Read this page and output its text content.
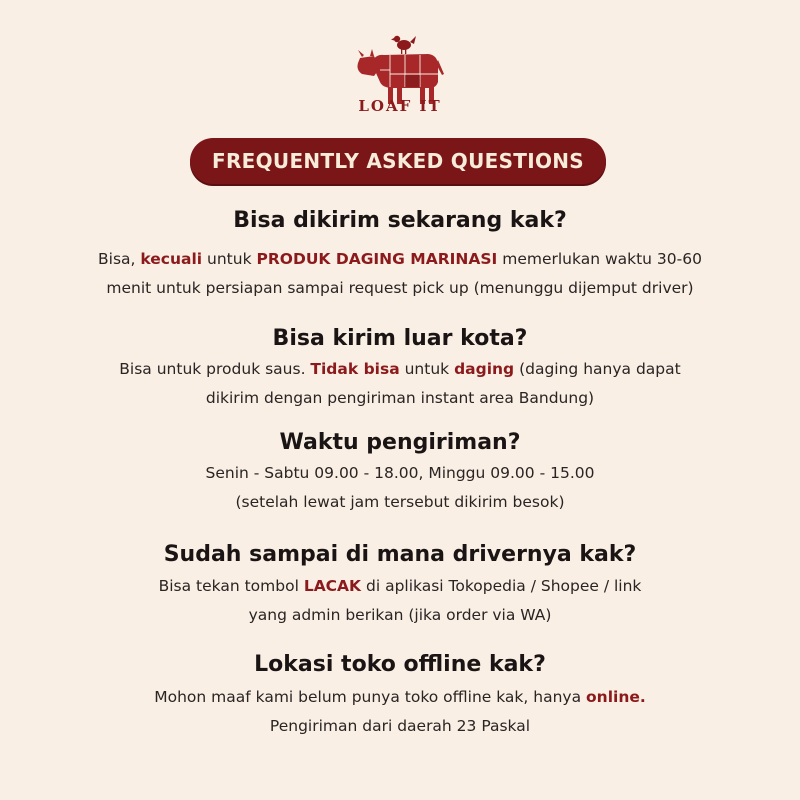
LOAF IT
FREQUENTLY ASKED QUESTIONS
Bisa dikirim sekarang kak?
Bisa, kecuali untuk PRODUK DAGING MARINASI memerlukan waktu 30-60
menit untuk persiapan sampai request pick up (menunggu dijemput driver)
Bisa kirim luar kota?
Bisa untuk produk saus. Tidak bisa untuk daging (daging hanya dapat
dikirim dengan pengiriman instant area Bandung)
Waktu pengiriman?
Senin - Sabtu 09.00 - 18.00, Minggu 09.00 - 15.00
(setelah lewat jam tersebut dikirim besok)
Sudah sampai di mana drivernya kak?
Bisa tekan tombol LACAK di aplikasi Tokopedia / Shopee / link
yang admin berikan (jika order via WA)
Lokasi toko offline kak?
Mohon maaf kami belum punya toko offline kak, hanya online.
Pengiriman dari daerah 23 Paskal
